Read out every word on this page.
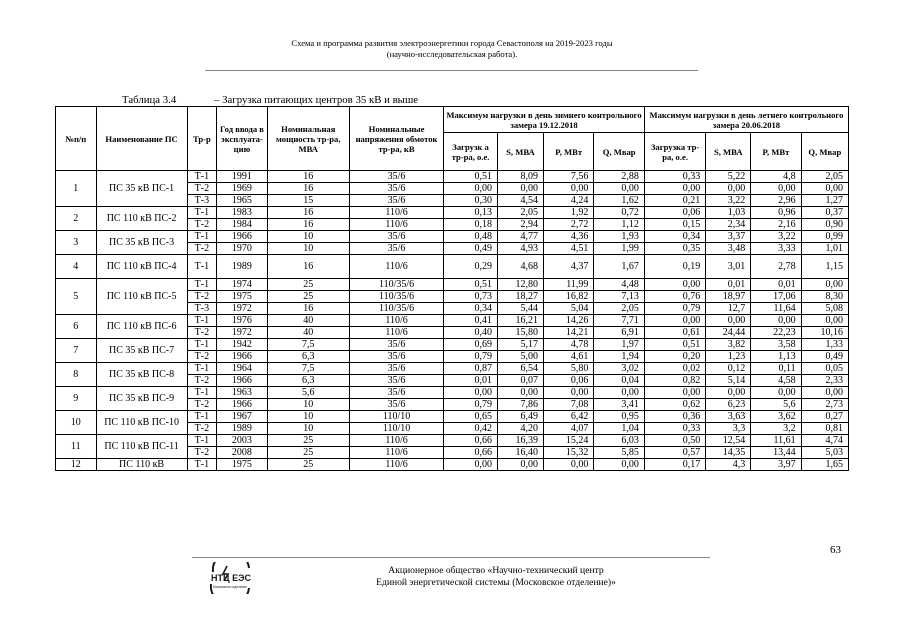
Схема и программа развития электроэнергетики города Севастополя на 2019-2023 годы
(научно-исследовательская работа).
Таблица 3.4	– Загрузка питающих центров 35 кВ и выше
№п/п	Наименование ПС	Тр-р	Год ввода в эксплуата-цию	Номинальная мощность тр-ра, МВА	Номинальные напряжения обмоток тр-ра, кВ	Максимум нагрузки в день зимнего контрольного замера 19.12.2018				Максимум нагрузки в день летнего контрольного замера 20.06.2018			
						Загрузк а тр-ра, о.е.	S, МВА	P, МВт	Q, Мвар	Загрузка тр-ра, о.е.	S, МВА	P, МВт	Q, Мвар
1	ПС 35 кВ ПС-1	Т-1	1991	16	35/6	0,51	8,09	7,56	2,88	0,33	5,22	4,8	2,05
		Т-2	1969	16	35/6	0,00	0,00	0,00	0,00	0,00	0,00	0,00	0,00
		Т-3	1965	15	35/6	0,30	4,54	4,24	1,62	0,21	3,22	2,96	1,27
2	ПС 110 кВ ПС-2	Т-1	1983	16	110/6	0,13	2,05	1,92	0,72	0,06	1,03	0,96	0,37
		Т-2	1984	16	110/6	0,18	2,94	2,72	1,12	0,15	2,34	2,16	0,90
3	ПС 35 кВ ПС-3	Т-1	1966	10	35/6	0,48	4,77	4,36	1,93	0,34	3,37	3,22	0,99
		Т-2	1970	10	35/6	0,49	4,93	4,51	1,99	0,35	3,48	3,33	1,01
4	ПС 110 кВ ПС-4	Т-1	1989	16	110/6	0,29	4,68	4,37	1,67	0,19	3,01	2,78	1,15
5	ПС 110 кВ ПС-5	Т-1	1974	25	110/35/6	0,51	12,80	11,99	4,48	0,00	0,01	0,01	0,00
		Т-2	1975	25	110/35/6	0,73	18,27	16,82	7,13	0,76	18,97	17,06	8,30
		Т-3	1972	16	110/35/6	0,34	5,44	5,04	2,05	0,79	12,7	11,64	5,08
6	ПС 110 кВ ПС-6	Т-1	1976	40	110/6	0,41	16,21	14,26	7,71	0,00	0,00	0,00	0,00
		Т-2	1972	40	110/6	0,40	15,80	14,21	6,91	0,61	24,44	22,23	10,16
7	ПС 35 кВ ПС-7	Т-1	1942	7,5	35/6	0,69	5,17	4,78	1,97	0,51	3,82	3,58	1,33
		Т-2	1966	6,3	35/6	0,79	5,00	4,61	1,94	0,20	1,23	1,13	0,49
8	ПС 35 кВ ПС-8	Т-1	1964	7,5	35/6	0,87	6,54	5,80	3,02	0,02	0,12	0,11	0,05
		Т-2	1966	6,3	35/6	0,01	0,07	0,06	0,04	0,82	5,14	4,58	2,33
9	ПС 35 кВ ПС-9	Т-1	1963	5,6	35/6	0,00	0,00	0,00	0,00	0,00	0,00	0,00	0,00
		Т-2	1966	10	35/6	0,79	7,86	7,08	3,41	0,62	6,23	5,6	2,73
10	ПС 110 кВ ПС-10	Т-1	1967	10	110/10	0,65	6,49	6,42	0,95	0,36	3,63	3,62	0,27
		Т-2	1989	10	110/10	0,42	4,20	4,07	1,04	0,33	3,3	3,2	0,81
11	ПС 110 кВ ПС-11	Т-1	2003	25	110/6	0,66	16,39	15,24	6,03	0,50	12,54	11,61	4,74
		Т-2	2008	25	110/6	0,66	16,40	15,32	5,85	0,57	14,35	13,44	5,03
12	ПС 110 кВ	Т-1	1975	25	110/6	0,00	0,00	0,00	0,00	0,17	4,3	3,97	1,65
63
НТЦ ЕЭС
Московское отделение
Акционерное общество «Научно-технический центр
Единой энергетической системы (Московское отделение)»
